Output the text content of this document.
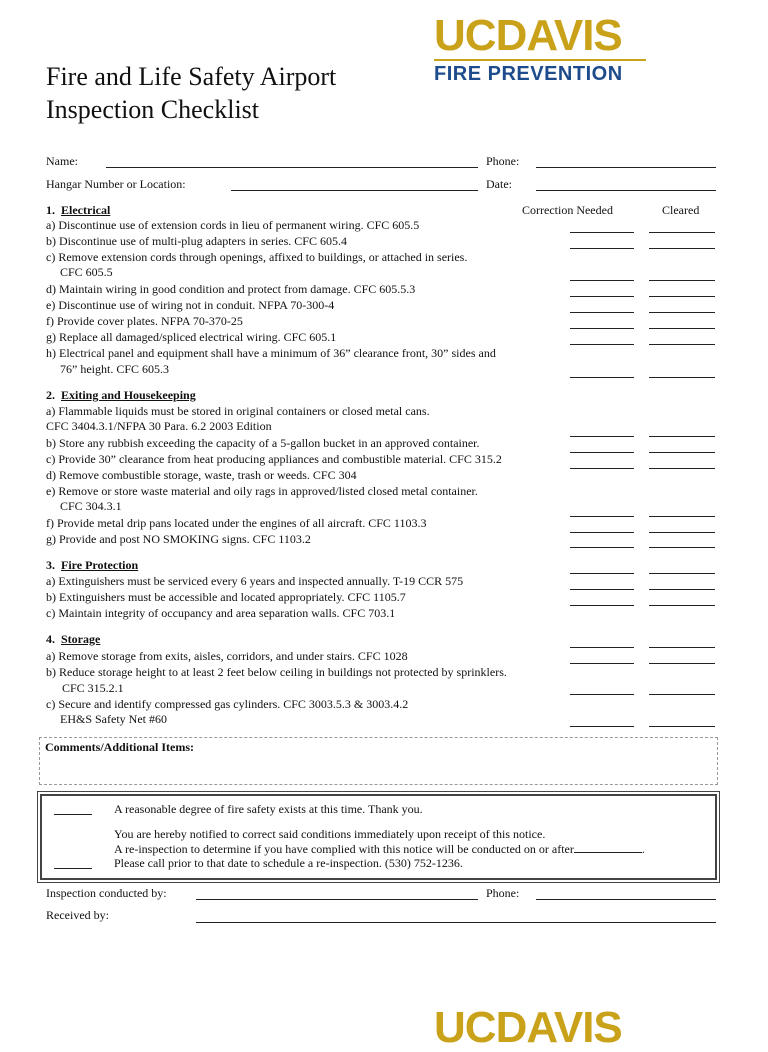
Fire and Life Safety Airport
Inspection Checklist
UCDAVIS
FIRE PREVENTION
Name:	Phone:
Hangar Number or Location:	Date:
Correction Needed	Cleared
1. Electrical
a) Discontinue use of extension cords in lieu of permanent wiring. CFC 605.5
b) Discontinue use of multi-plug adapters in series. CFC 605.4
c) Remove extension cords through openings, affixed to buildings, or attached in series.
CFC 605.5
d) Maintain wiring in good condition and protect from damage. CFC 605.5.3
e) Discontinue use of wiring not in conduit. NFPA 70-300-4
f) Provide cover plates. NFPA 70-370-25
g) Replace all damaged/spliced electrical wiring. CFC 605.1
h) Electrical panel and equipment shall have a minimum of 36” clearance front, 30” sides and
76” height. CFC 605.3
2. Exiting and Housekeeping
a) Flammable liquids must be stored in original containers or closed metal cans.
CFC 3404.3.1/NFPA 30 Para. 6.2 2003 Edition
b) Store any rubbish exceeding the capacity of a 5-gallon bucket in an approved container.
c) Provide 30” clearance from heat producing appliances and combustible material. CFC 315.2
d) Remove combustible storage, waste, trash or weeds. CFC 304
e) Remove or store waste material and oily rags in approved/listed closed metal container.
CFC 304.3.1
f) Provide metal drip pans located under the engines of all aircraft. CFC 1103.3
g) Provide and post NO SMOKING signs. CFC 1103.2
3. Fire Protection
a) Extinguishers must be serviced every 6 years and inspected annually. T-19 CCR 575
b) Extinguishers must be accessible and located appropriately. CFC 1105.7
c) Maintain integrity of occupancy and area separation walls. CFC 703.1
4. Storage
a) Remove storage from exits, aisles, corridors, and under stairs. CFC 1028
b) Reduce storage height to at least 2 feet below ceiling in buildings not protected by sprinklers.
CFC 315.2.1
c) Secure and identify compressed gas cylinders. CFC 3003.5.3 & 3003.4.2
EH&S Safety Net #60
Comments/Additional Items:
A reasonable degree of fire safety exists at this time. Thank you.
You are hereby notified to correct said conditions immediately upon receipt of this notice.
A re-inspection to determine if you have complied with this notice will be conducted on or after	.
Please call prior to that date to schedule a re-inspection. (530) 752-1236.
Inspection conducted by:	Phone:
Received by:
UCDAVIS
